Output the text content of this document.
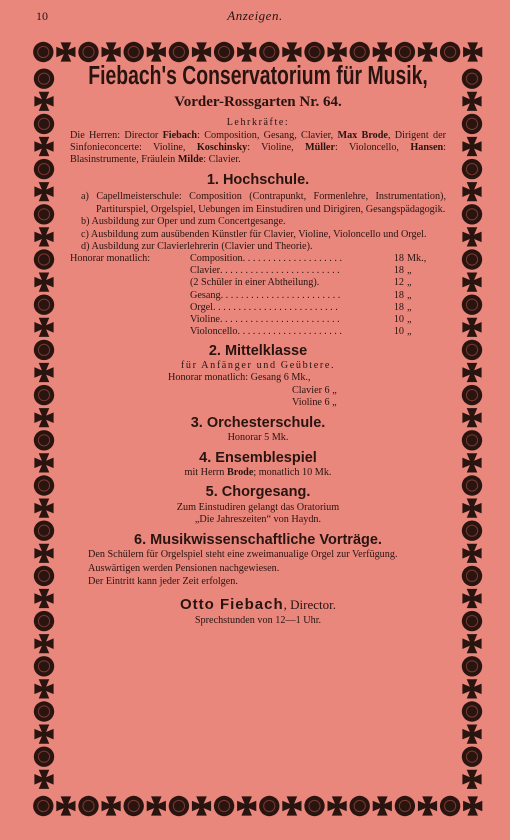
10	Anzeigen.
Fiebach's Conservatorium für Musik,
Vorder-Rossgarten Nr. 64.
Lehrkräfte:
Die Herren: Director Fiebach: Composition, Gesang, Clavier, Max Brode, Dirigent der Sinfonieconcerte: Violine, Koschinsky: Violine, Müller: Violoncello, Hansen: Blasinstrumente, Fräulein Milde: Clavier.
1. Hochschule.
a) Capellmeisterschule: Composition (Contrapunkt, Formenlehre, Instrumentation), Partiturspiel, Orgelspiel, Uebungen im Einstudiren und Dirigiren, Gesangspädagogik.
b) Ausbildung zur Oper und zum Concertgesange.
c) Ausbildung zum ausübenden Künstler für Clavier, Violine, Violoncello und Orgel.
d) Ausbildung zur Clavierlehrerin (Clavier und Theorie).
Honorar monatlich:	Composition. . . . . . . . . . . . . . . . . . . .	18	Mk.,
	Clavier. . . . . . . . . . . . . . . . . . . . . . . .	18	„
	(2 Schüler in einer Abtheilung).	12	„
	Gesang. . . . . . . . . . . . . . . . . . . . . . . .	18	„
	Orgel. . . . . . . . . . . . . . . . . . . . . . . . .	18	„
	Violine. . . . . . . . . . . . . . . . . . . . . . . .	10	„
	Violoncello. . . . . . . . . . . . . . . . . . . . .	10	„
2. Mittelklasse
für Anfänger und Geübtere.
Honorar monatlich: Gesang 6 Mk.,
Clavier 6 „
Violine 6 „
3. Orchesterschule.
Honorar 5 Mk.
4. Ensemblespiel
mit Herrn Brode; monatlich 10 Mk.
5. Chorgesang.
Zum Einstudiren gelangt das Oratorium
„Die Jahreszeiten“ von Haydn.
6. Musikwissenschaftliche Vorträge.
Den Schülern für Orgelspiel steht eine zweimanualige Orgel zur Verfügung.
Auswärtigen werden Pensionen nachgewiesen.
Der Eintritt kann jeder Zeit erfolgen.
Otto Fiebach, Director.
Sprechstunden von 12—1 Uhr.
